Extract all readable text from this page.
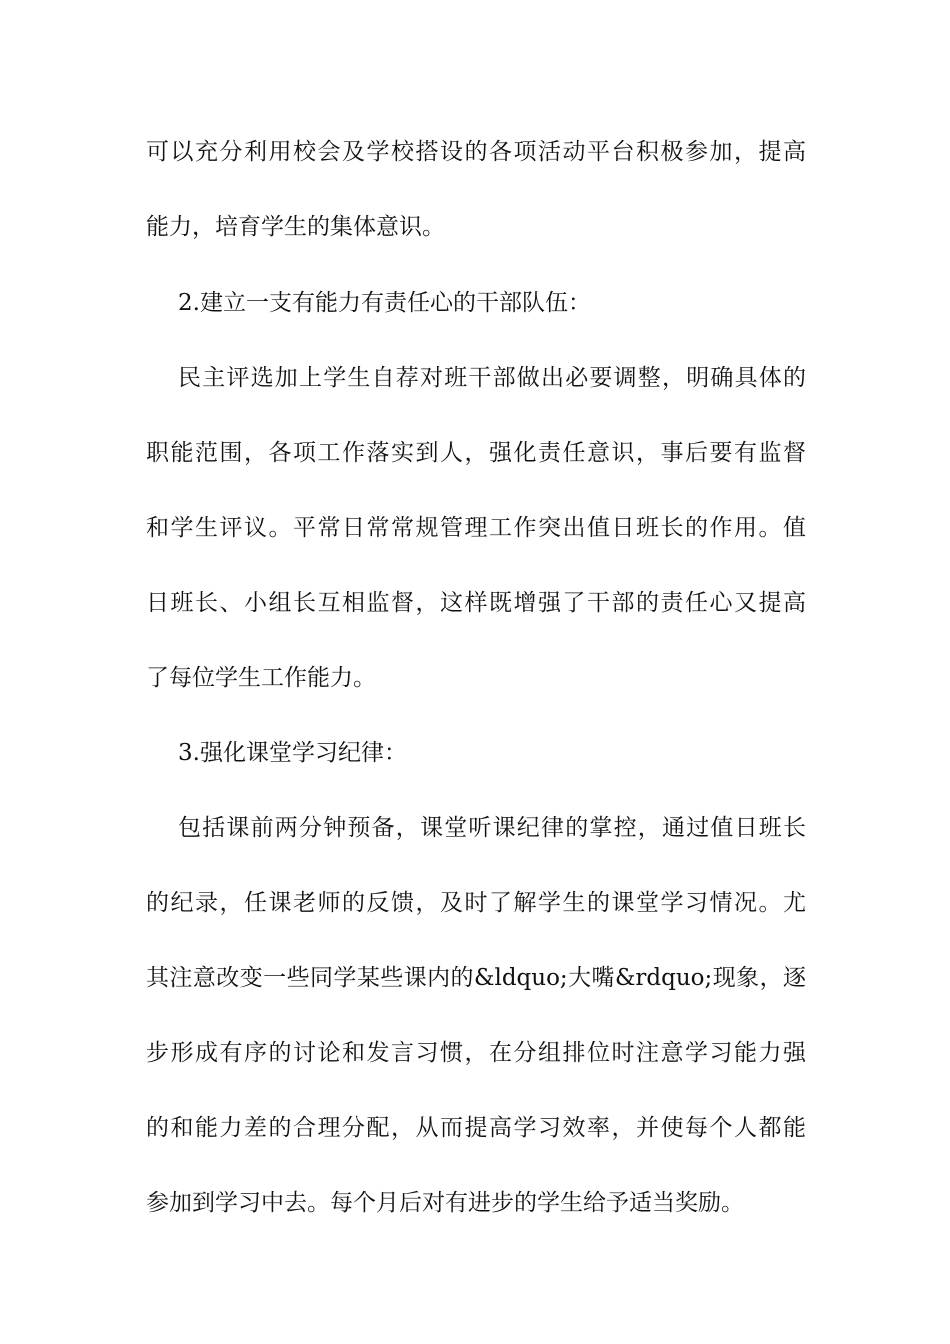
可以充分利用校会及学校搭设的各项活动平台积极参加，提高
能力，培育学生的集体意识。
2.建立一支有能力有责任心的干部队伍：
民主评选加上学生自荐对班干部做出必要调整，明确具体的
职能范围，各项工作落实到人，强化责任意识，事后要有监督
和学生评议。平常日常常规管理工作突出值日班长的作用。值
日班长、小组长互相监督，这样既增强了干部的责任心又提高
了每位学生工作能力。
3.强化课堂学习纪律：
包括课前两分钟预备，课堂听课纪律的掌控，通过值日班长
的纪录，任课老师的反馈，及时了解学生的课堂学习情况。尤
其注意改变一些同学某些课内的&ldquo;大嘴&rdquo;现象，逐
步形成有序的讨论和发言习惯，在分组排位时注意学习能力强
的和能力差的合理分配，从而提高学习效率，并使每个人都能
参加到学习中去。每个月后对有进步的学生给予适当奖励。
